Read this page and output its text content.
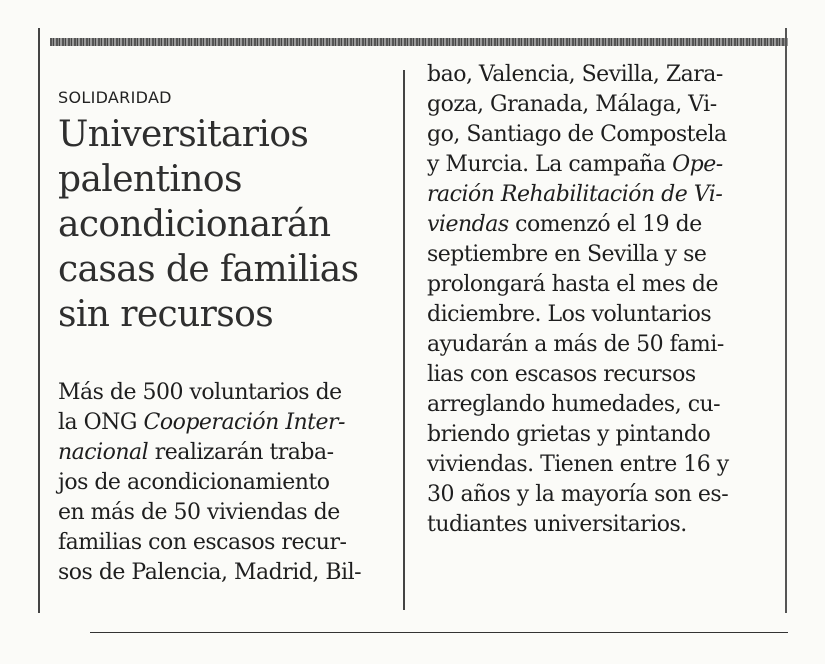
SOLIDARIDAD
Universitarios
palentinos
acondicionarán
casas de familias
sin recursos
Más de 500 voluntarios de
la ONG Cooperación Inter-
nacional realizarán traba-
jos de acondicionamiento
en más de 50 viviendas de
familias con escasos recur-
sos de Palencia, Madrid, Bil-
bao, Valencia, Sevilla, Zara-
goza, Granada, Málaga, Vi-
go, Santiago de Compostela
y Murcia. La campaña Ope-
ración Rehabilitación de Vi-
viendas comenzó el 19 de
septiembre en Sevilla y se
prolongará hasta el mes de
diciembre. Los voluntarios
ayudarán a más de 50 fami-
lias con escasos recursos
arreglando humedades, cu-
briendo grietas y pintando
viviendas. Tienen entre 16 y
30 años y la mayoría son es-
tudiantes universitarios.
